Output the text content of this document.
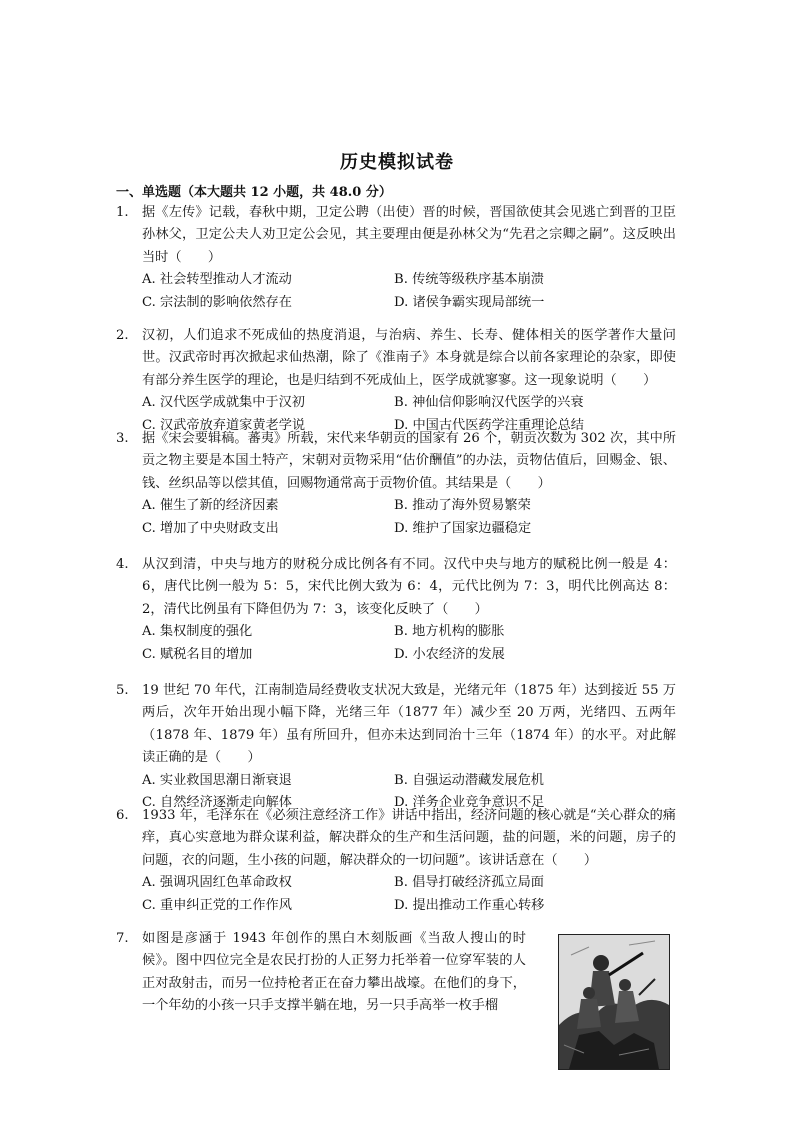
历史模拟试卷
一、单选题（本大题共 12 小题，共 48.0 分）
1.	据《左传》记载，春秋中期，卫定公聘（出使）晋的时候，晋国欲使其会见逃亡到晋的卫臣孙林父，卫定公夫人劝卫定公会见，其主要理由便是孙林父为“先君之宗卿之嗣”。这反映出当时（　　）
A. 社会转型推动人才流动	B. 传统等级秩序基本崩溃
C. 宗法制的影响依然存在	D. 诸侯争霸实现局部统一
2.	汉初，人们追求不死成仙的热度消退，与治病、养生、长寿、健体相关的医学著作大量问世。汉武帝时再次掀起求仙热潮，除了《淮南子》本身就是综合以前各家理论的杂家，即使有部分养生医学的理论，也是归结到不死成仙上，医学成就寥寥。这一现象说明（　　）
A. 汉代医学成就集中于汉初	B. 神仙信仰影响汉代医学的兴衰
C. 汉武帝放弃道家黄老学说	D. 中国古代医药学注重理论总结
3.	据《宋会要辑稿。蕃夷》所载，宋代来华朝贡的国家有 26 个，朝贡次数为 302 次，其中所贡之物主要是本国土特产，宋朝对贡物采用“估价酬值”的办法，贡物估值后，回赐金、银、钱、丝织品等以偿其值，回赐物通常高于贡物价值。其结果是（　　）
A. 催生了新的经济因素	B. 推动了海外贸易繁荣
C. 增加了中央财政支出	D. 维护了国家边疆稳定
4.	从汉到清，中央与地方的财税分成比例各有不同。汉代中央与地方的赋税比例一般是 4：6，唐代比例一般为 5：5，宋代比例大致为 6：4，元代比例为 7：3，明代比例高达 8：2，清代比例虽有下降但仍为 7：3，该变化反映了（　　）
A. 集权制度的强化	B. 地方机构的膨胀
C. 赋税名目的增加	D. 小农经济的发展
5.	19 世纪 70 年代，江南制造局经费收支状况大致是，光绪元年（1875 年）达到接近 55 万两后，次年开始出现小幅下降，光绪三年（1877 年）减少至 20 万两，光绪四、五两年（1878 年、1879 年）虽有所回升，但亦未达到同治十三年（1874 年）的水平。对此解读正确的是（　　）
A. 实业救国思潮日渐衰退	B. 自强运动潜藏发展危机
C. 自然经济逐渐走向解体	D. 洋务企业竞争意识不足
6.	1933 年，毛泽东在《必须注意经济工作》讲话中指出，经济问题的核心就是“关心群众的痛痒，真心实意地为群众谋利益，解决群众的生产和生活问题，盐的问题，米的问题，房子的问题，衣的问题，生小孩的问题，解决群众的一切问题”。该讲话意在（　　）
A. 强调巩固红色革命政权	B. 倡导打破经济孤立局面
C. 重申纠正党的工作作风	D. 提出推动工作重心转移
7.	如图是彦涵于 1943 年创作的黑白木刻版画《当敌人搜山的时候》。图中四位完全是农民打扮的人正努力托举着一位穿军装的人正对敌射击，而另一位持枪者正在奋力攀出战壕。在他们的身下，一个年幼的小孩一只手支撑半躺在地，另一只手高举一枚手榴
